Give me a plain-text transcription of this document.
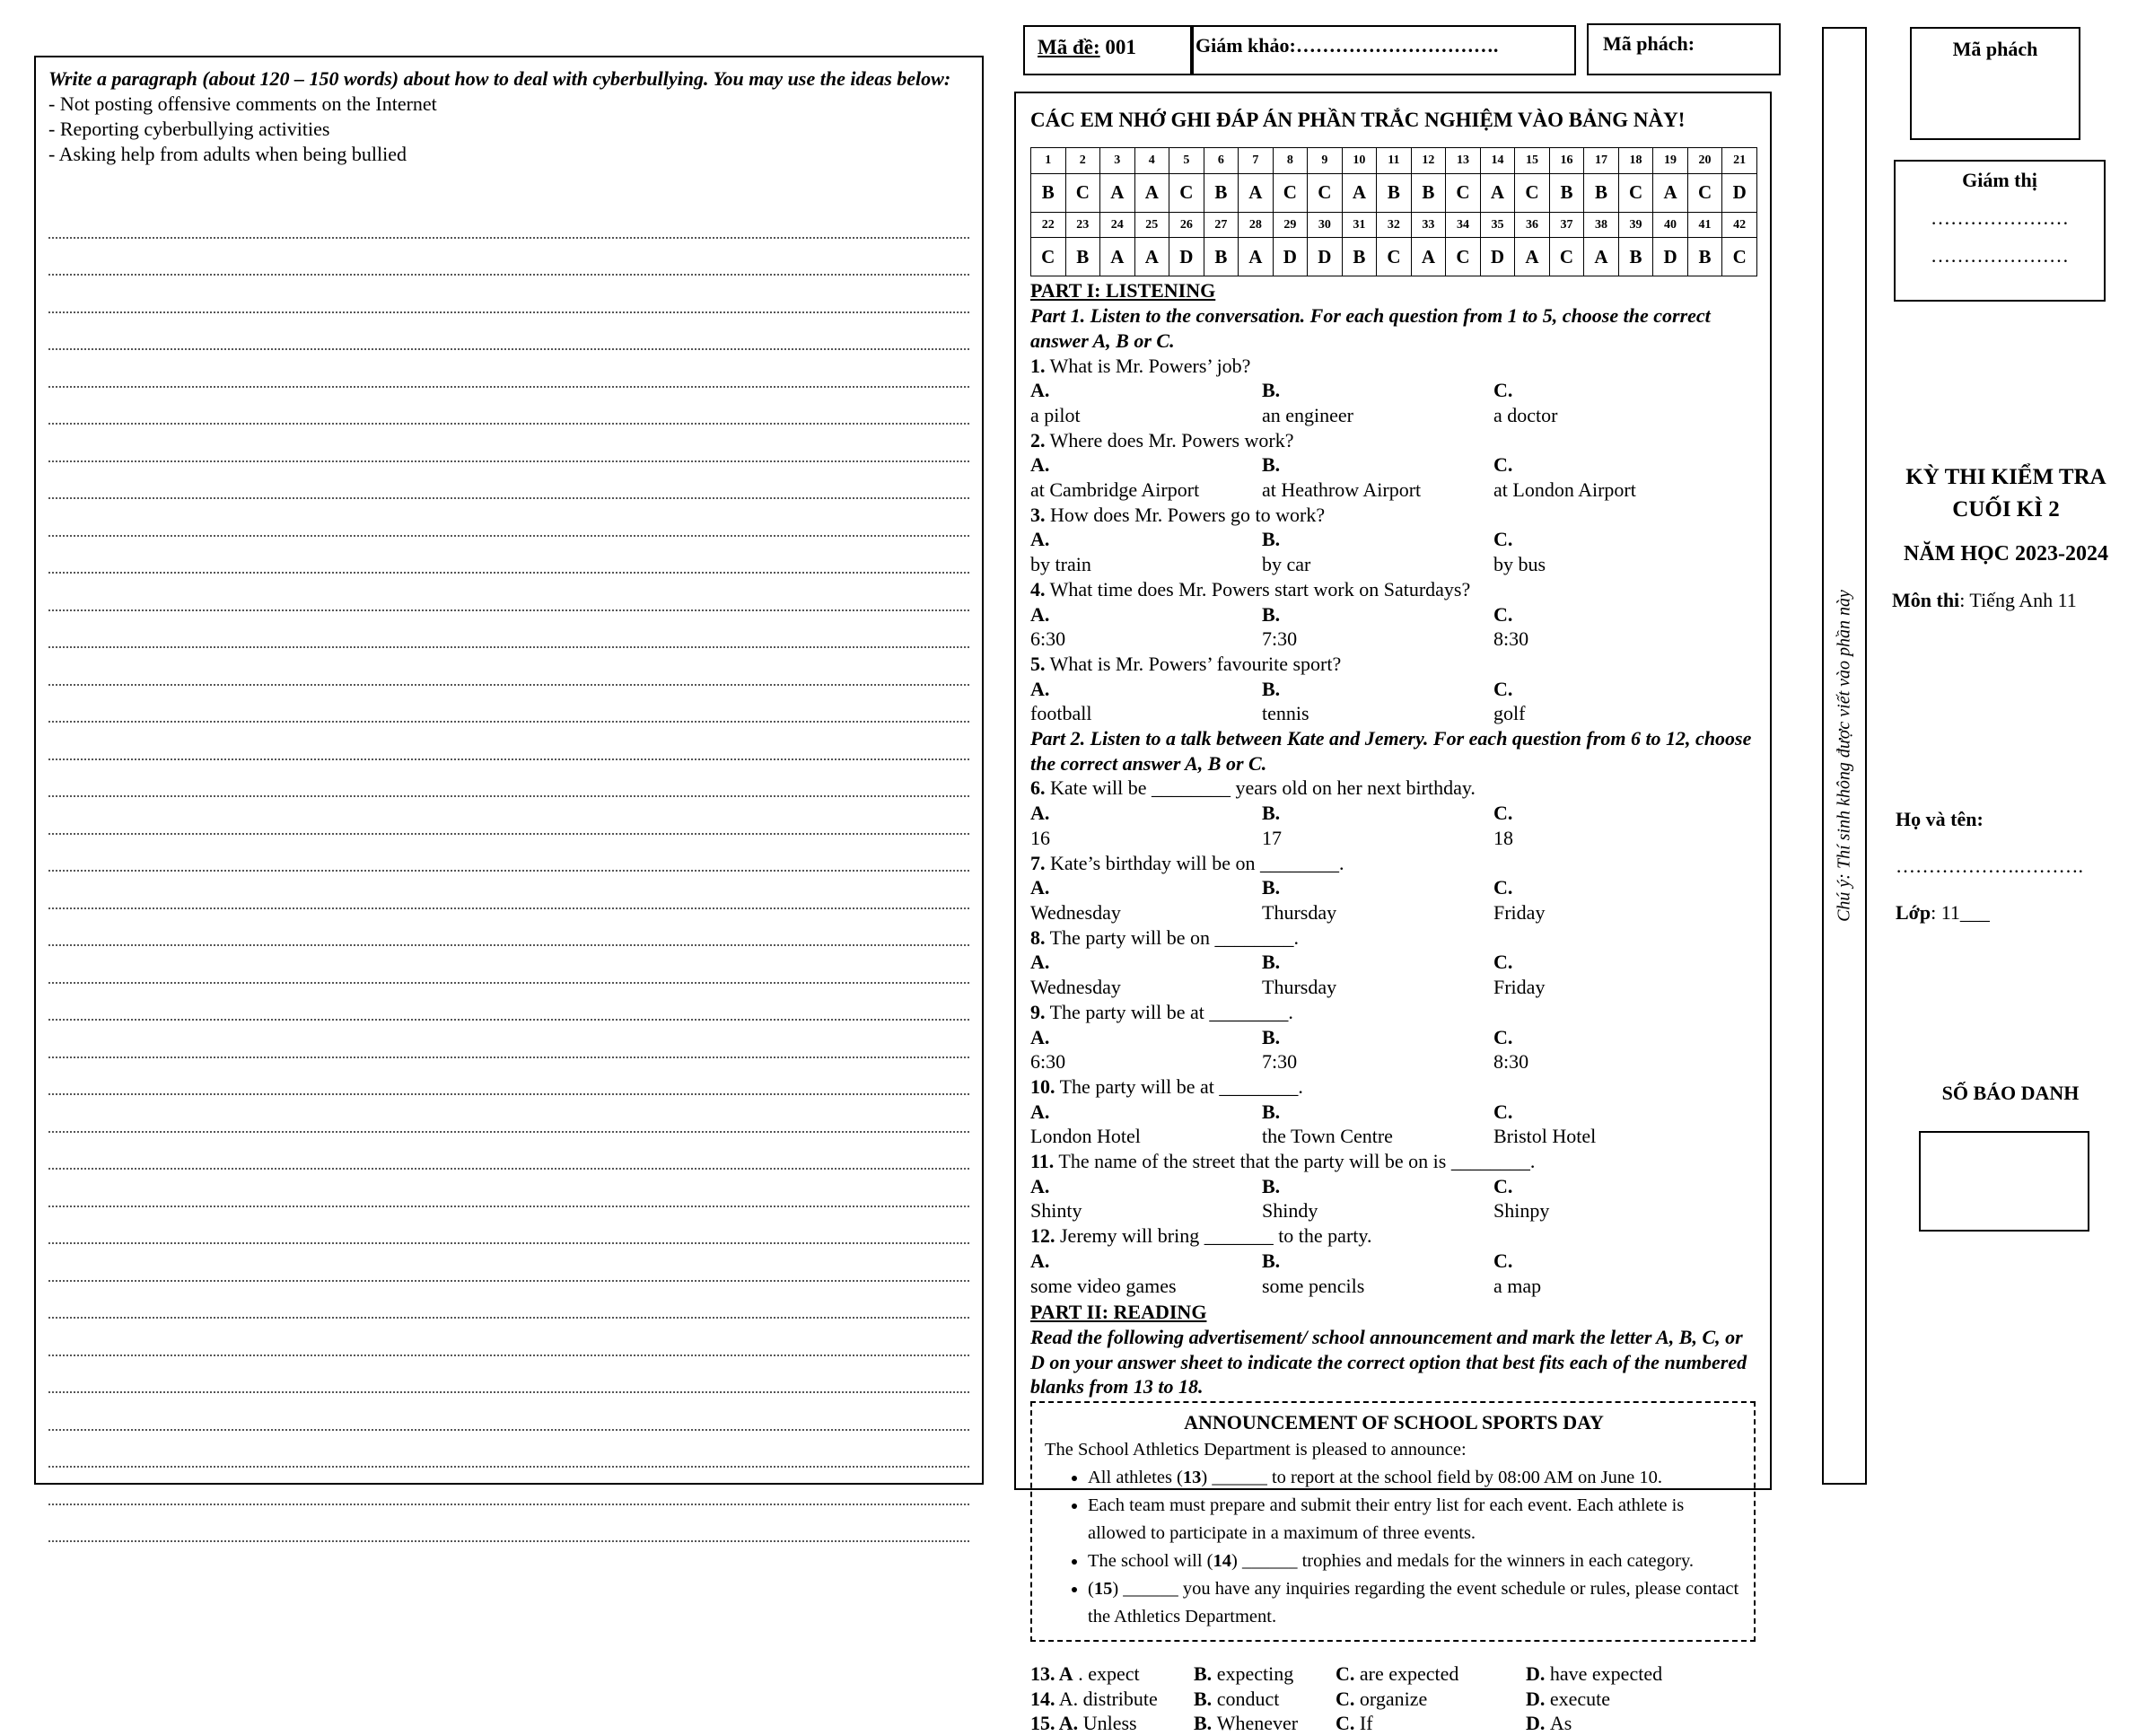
Write a paragraph (about 120 – 150 words) about how to deal with cyberbullying. You may use the ideas below:
- Not posting offensive comments on the Internet
- Reporting cyberbullying activities
- Asking help from adults when being bullied
Mã đề: 001	Giám khảo:………………………….	Mã phách:
CÁC EM NHỚ GHI ĐÁP ÁN PHẦN TRẮC NGHIỆM VÀO BẢNG NÀY!
1	2	3	4	5	6	7	8	9	10	11	12	13	14	15	16	17	18	19	20	21
B	C	A	A	C	B	A	C	C	A	B	B	C	A	C	B	B	C	A	C	D
22	23	24	25	26	27	28	29	30	31	32	33	34	35	36	37	38	39	40	41	42
C	B	A	A	D	B	A	D	D	B	C	A	C	D	A	C	A	B	D	B	C
PART I: LISTENING
Part 1. Listen to the conversation. For each question from 1 to 5, choose the correct answer A, B or C.
1. What is Mr. Powers’ job?
A.
a pilot
B.
an engineer
C.
a doctor
2. Where does Mr. Powers work?
A.
at Cambridge Airport
B.
at Heathrow Airport
C.
at London Airport
3. How does Mr. Powers go to work?
A.
by train
B.
by car
C.
by bus
4. What time does Mr. Powers start work on Saturdays?
A.
6:30
B.
7:30
C.
8:30
5. What is Mr. Powers’ favourite sport?
A.
football
B.
tennis
C.
golf
Part 2. Listen to a talk between Kate and Jemery. For each question from 6 to 12, choose the correct answer A, B or C.
6. Kate will be ________ years old on her next birthday.
A.
16
B.
17
C.
18
7. Kate’s birthday will be on ________.
A.
Wednesday
B.
Thursday
C.
Friday
8. The party will be on ________.
A.
Wednesday
B.
Thursday
C.
Friday
9. The party will be at ________.
A.
6:30
B.
7:30
C.
8:30
10. The party will be at ________.
A.
London Hotel
B.
the Town Centre
C.
Bristol Hotel
11. The name of the street that the party will be on is ________.
A.
Shinty
B.
Shindy
C.
Shinpy
12. Jeremy will bring _______ to the party.
A.
some video games
B.
some pencils
C.
a map
PART II: READING
Read the following advertisement/ school announcement and mark the letter A, B, C, or D on your answer sheet to indicate the correct option that best fits each of the numbered blanks from 13 to 18.
ANNOUNCEMENT OF SCHOOL SPORTS DAY
The School Athletics Department is pleased to announce:
• All athletes (13) ______ to report at the school field by 08:00 AM on June 10.
• Each team must prepare and submit their entry list for each event. Each athlete is allowed to participate in a maximum of three events.
• The school will (14) ______ trophies and medals for the winners in each category.
• (15) ______ you have any inquiries regarding the event schedule or rules, please contact the Athletics Department.
13. A . expect	B. expecting	C. are expected	D. have expected
14. A. distribute	B. conduct	C. organize	D. execute
15. A. Unless	B. Whenever	C. If	D. As
Chú ý: Thí sinh không được viết vào phần này
Mã phách
Giám thị
…………………
…………………
KỲ THI KIỂM TRA CUỐI KÌ 2
NĂM HỌC 2023-2024
Môn thi: Tiếng Anh 11
Họ và tên:
……………….……….
Lớp: 11___
SỐ BÁO DANH
